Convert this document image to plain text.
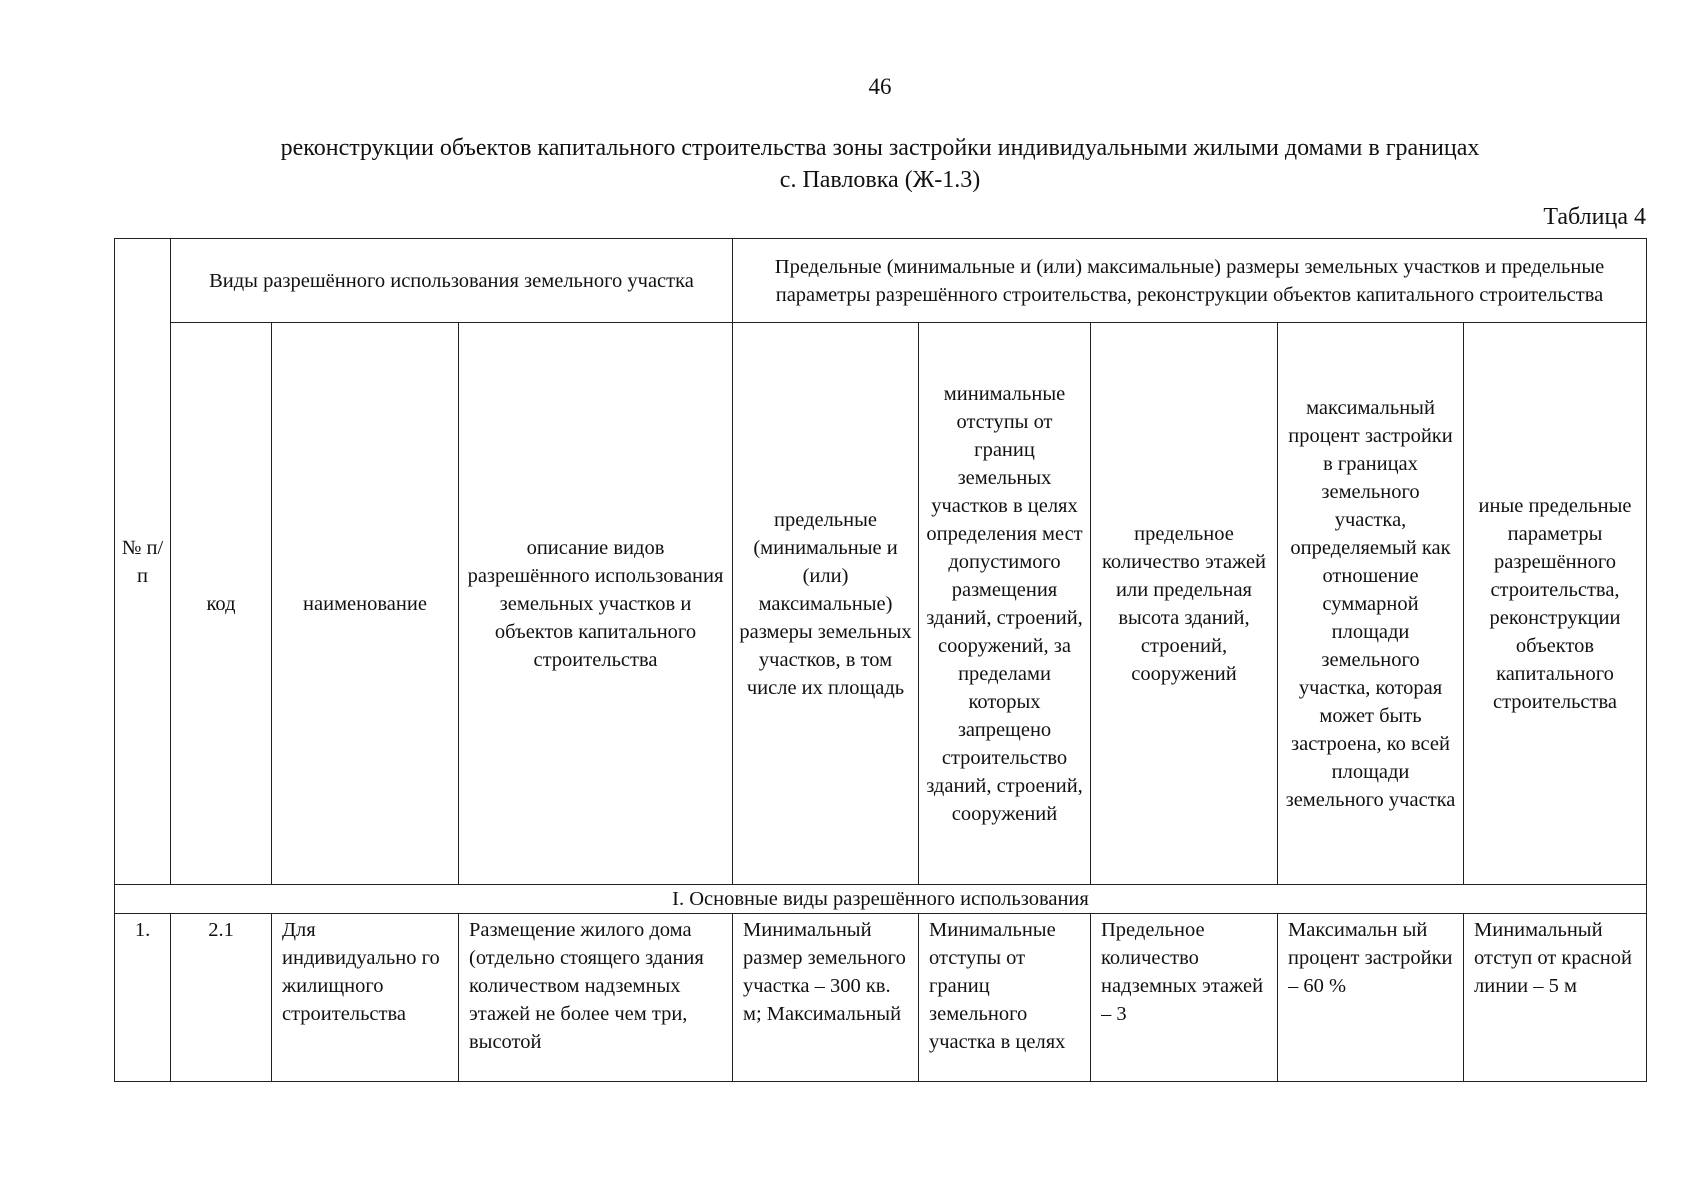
46
реконструкции объектов капитального строительства зоны застройки индивидуальными жилыми домами в границах
с. Павловка (Ж-1.3)
Таблица 4
№ п/п	Виды разрешённого использования земельного участка			Предельные (минимальные и (или) максимальные) размеры земельных участков и предельные параметры разрешённого строительства, реконструкции объектов капитального строительства				

	код	наименование	описание видов разрешённого использования земельных участков и объектов капитального строительства	предельные (минимальные и (или) максимальные) размеры земельных участков, в том числе их площадь	минимальные отступы от границ земельных участков в целях определения мест допустимого размещения зданий, строений, сооружений, за пределами которых запрещено строительство зданий, строений, сооружений	предельное количество этажей или предельная высота зданий, строений, сооружений	максимальный процент застройки в границах земельного участка, определяемый как отношение суммарной площади земельного участка, которая может быть застроена, ко всей площади земельного участка	иные предельные параметры разрешённого строительства, реконструкции объектов капитального строительства

I. Основные виды разрешённого использования								

1.	2.1	Для индивидуально го жилищного строительства	Размещение жилого дома (отдельно стоящего здания количеством надземных этажей не более чем три, высотой	Минимальный размер земельного участка – 300 кв. м; Максимальный	Минимальные отступы от границ земельного участка в целях	Предельное количество надземных этажей – 3	Максимальн ый процент застройки – 60 %	Минимальный отступ от красной линии – 5 м
